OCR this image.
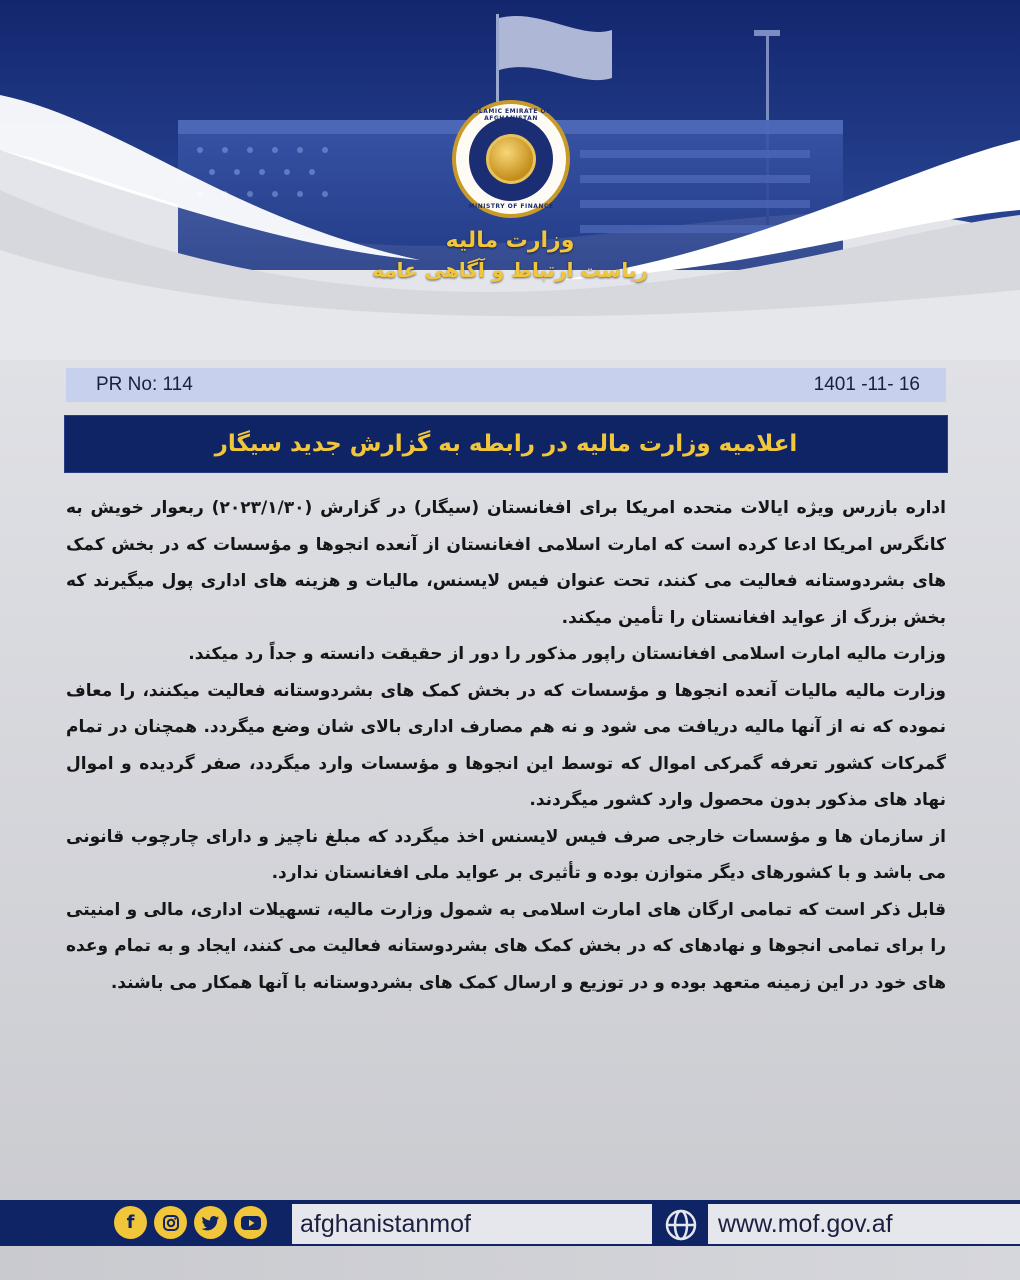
ISLAMIC EMIRATE OF AFGHANISTAN
MINISTRY OF FINANCE
وزارت مالیه
ریاست ارتباط و آگاهی عامه
PR No: 114	1401 -11- 16
اعلامیه وزارت مالیه در رابطه به گزارش جدید سیگار

اداره بازرس ویژه ایالات متحده امریکا برای افغانستان (سیگار) در گزارش (۲۰۲۳/۱/۳۰) ربعوار خویش به کانگرس امریکا ادعا کرده است که امارت اسلامی افغانستان از آنعده انجوها و مؤسسات که در بخش کمک های بشردوستانه فعالیت می کنند، تحت عنوان فیس لایسنس، مالیات و هزینه های اداری پول میگیرند که بخش بزرگ از عواید افغانستان را تأمین میکند.

وزارت مالیه امارت اسلامی افغانستان راپور مذکور را دور از حقیقت دانسته و جداً رد میکند.

وزارت مالیه مالیات آنعده انجوها و مؤسسات که در بخش کمک های بشردوستانه فعالیت میکنند، را معاف نموده که نه از آنها مالیه دریافت می شود و نه هم مصارف اداری بالای شان وضع میگردد. همچنان در تمام گمرکات کشور تعرفه گمرکی اموال که توسط این انجوها و مؤسسات وارد میگردد، صفر گردیده و اموال نهاد های مذکور بدون محصول وارد کشور میگردند.

از سازمان ها و مؤسسات خارجی صرف فیس لایسنس اخذ میگردد که مبلغ ناچیز و دارای چارچوب قانونی می باشد و با کشورهای دیگر متوازن بوده و تأثیری بر عواید ملی افغانستان ندارد.

قابل ذکر است که تمامی ارگان های امارت اسلامی به شمول وزارت مالیه، تسهیلات اداری، مالی و امنیتی را برای تمامی انجوها و نهادهای که در بخش کمک های بشردوستانه فعالیت می کنند، ایجاد و به تمام وعده های خود در این زمینه متعهد بوده و در توزیع و ارسال کمک های بشردوستانه با آنها همکار می باشند.

f	afghanistanmof	www.mof.gov.af
